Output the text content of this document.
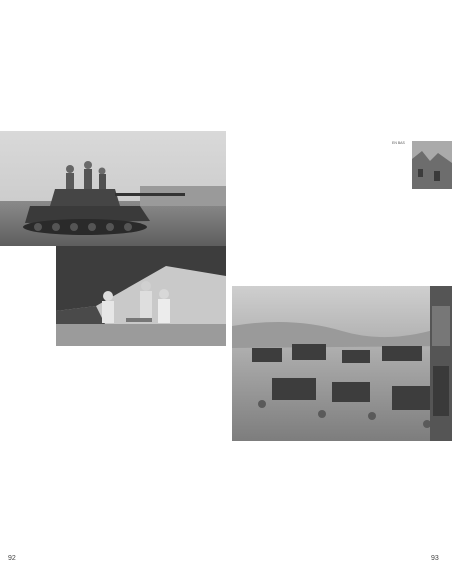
92
EN BAS
93
